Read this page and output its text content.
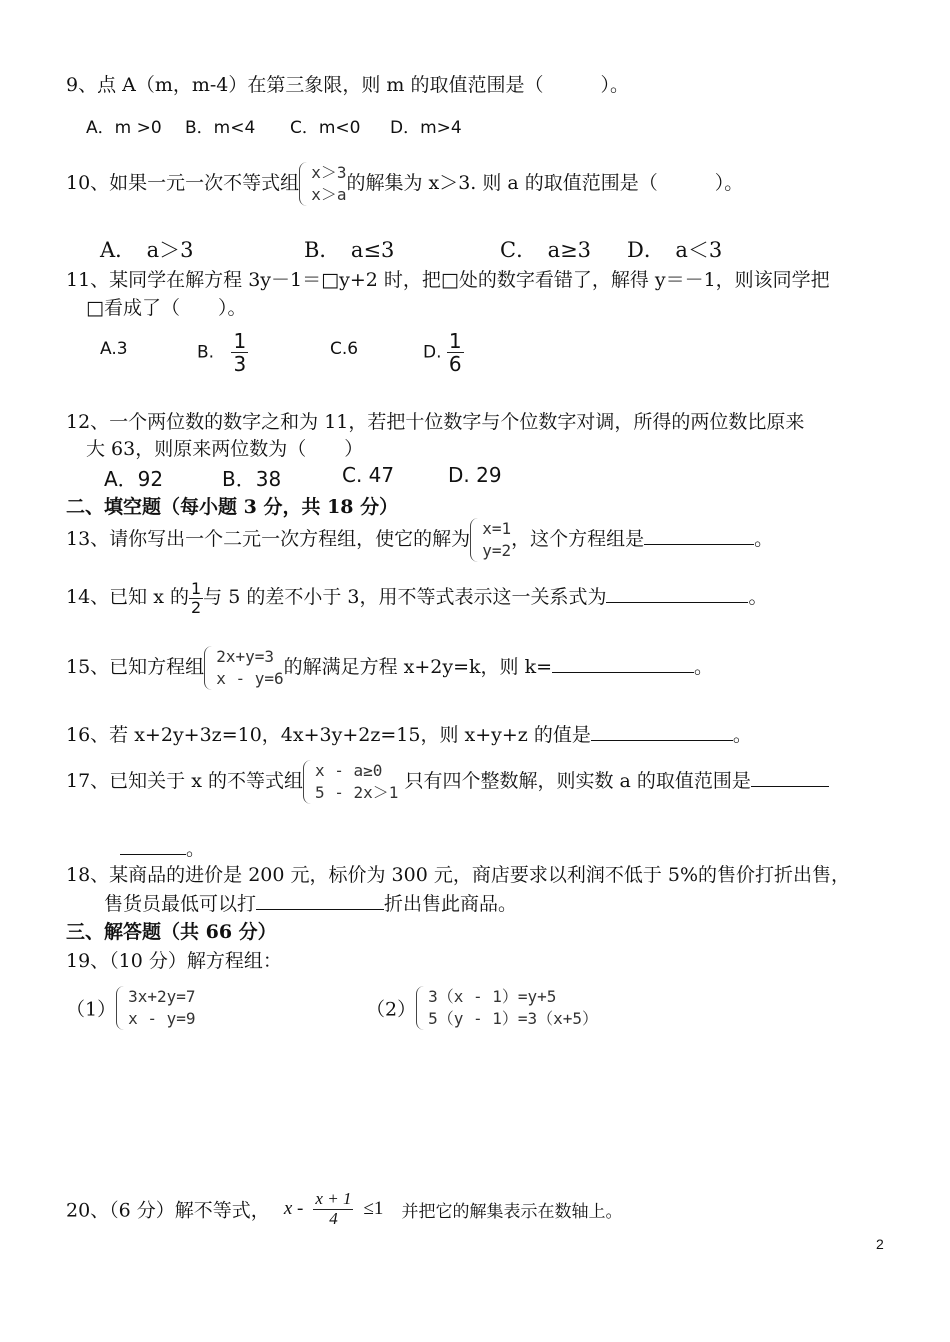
9、点 A（m，m-4）在第三象限，则 m 的取值范围是（　　　）。
A．m >0 B．m<4 C．m<0 D．m>4
10、如果一元一次不等式组 x＞3
x＞a
的解集为 x＞3. 则 a 的取值范围是（　　　）。
A．　a＞3	B．　a≤3	C．　a≥3 D．　a＜3
11、某同学在解方程 3y－1＝□y+2 时，把□处的数字看错了，解得 y＝－1，则该同学把
□看成了（　　）。
A.3	B. $\frac{1}{3}$	C.6	D. $\frac{1}{6}$
12、一个两位数的数字之和为 11，若把十位数字与个位数字对调，所得的两位数比原来
大 63，则原来两位数为（　　）
A．92	B．38	C. 47	D. 29
二、填空题（每小题 3 分，共 18 分）
13、请你写出一个二元一次方程组，使它的解为 x=1
y=2
，这个方程组是	。
14、已知 x 的 $\frac{1}{2}$ 与 5 的差不小于 3，用不等式表示这一关系式为	。
15、已知方程组 2x+y=3
x - y=6
的解满足方程 x+2y=k，则 k=	。
16、若 x+2y+3z=10，4x+3y+2z=15，则 x+y+z 的值是	。
17、已知关于 x 的不等式组 x - a≥0
5 - 2x＞1
只有四个整数解，则实数 a 的取值范围是
。
18、某商品的进价是 200 元，标价为 300 元，商店要求以利润不低于 5%的售价打折出售，
售货员最低可以打	折出售此商品。
三、解答题（共 66 分）
19、（10 分）解方程组：
（1）
3x+2y=7
x - y=9	（2）
3（x - 1）=y+5
5（y - 1）=3（x+5）
20、（6 分）解不等式， $x - \frac{x + 1}{4} \le 1$ 并把它的解集表示在数轴上。
2
